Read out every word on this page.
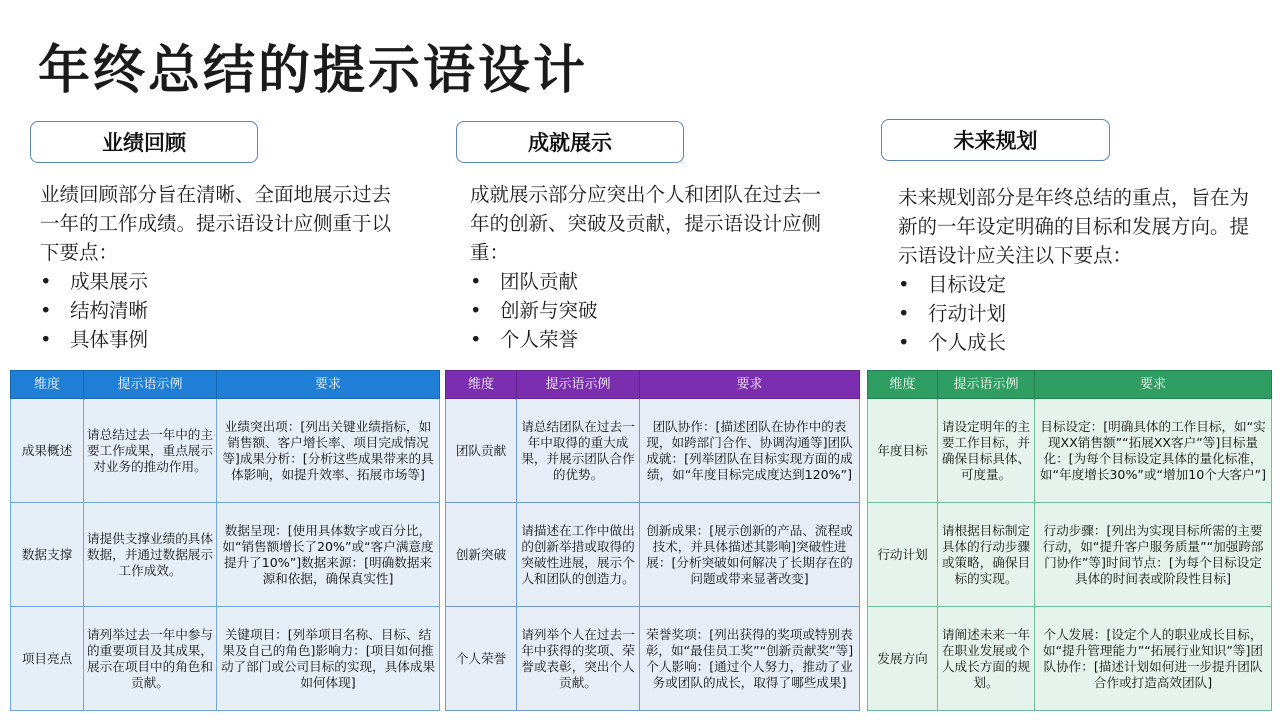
年终总结的提示语设计
业绩回顾

业绩回顾部分旨在清晰、全面地展示过去一年的工作成绩。提示语设计应侧重于以下要点：

• 成果展示
• 结构清晰
• 具体事例
维度	提示语示例	要求
成果概述	请总结过去一年中的主要工作成果，重点展示对业务的推动作用。	业绩突出项：[列出关键业绩指标，如销售额、客户增长率、项目完成情况等]成果分析：[分析这些成果带来的具体影响，如提升效率、拓展市场等]
数据支撑	请提供支撑业绩的具体数据，并通过数据展示工作成效。	数据呈现：[使用具体数字或百分比，如“销售额增长了20%”或“客户满意度提升了10%”]数据来源：[明确数据来源和依据，确保真实性]
项目亮点	请列举过去一年中参与的重要项目及其成果，展示在项目中的角色和贡献。	关键项目：[列举项目名称、目标、结果及自己的角色]影响力：[项目如何推动了部门或公司目标的实现，具体成果如何体现]
成就展示

成就展示部分应突出个人和团队在过去一年的创新、突破及贡献，提示语设计应侧重：

• 团队贡献
• 创新与突破
• 个人荣誉
维度	提示语示例	要求
团队贡献	请总结团队在过去一年中取得的重大成果，并展示团队合作的优势。	团队协作：[描述团队在协作中的表现，如跨部门合作、协调沟通等]团队成就：[列举团队在目标实现方面的成绩，如“年度目标完成度达到120%”]
创新突破	请描述在工作中做出的创新举措或取得的突破性进展，展示个人和团队的创造力。	创新成果：[展示创新的产品、流程或技术，并具体描述其影响]突破性进展：[分析突破如何解决了长期存在的问题或带来显著改变]
个人荣誉	请列举个人在过去一年中获得的奖项、荣誉或表彰，突出个人贡献。	荣誉奖项：[列出获得的奖项或特别表彰，如“最佳员工奖”“创新贡献奖”等]个人影响：[通过个人努力，推动了业务或团队的成长，取得了哪些成果]
未来规划

未来规划部分是年终总结的重点，旨在为新的一年设定明确的目标和发展方向。提示语设计应关注以下要点：

• 目标设定
• 行动计划
• 个人成长
维度	提示语示例	要求
年度目标	请设定明年的主要工作目标，并确保目标具体、可度量。	目标设定：[明确具体的工作目标，如“实现XX销售额”“拓展XX客户”等]目标量化：[为每个目标设定具体的量化标准，如“年度增长30%”或“增加10个大客户”]
行动计划	请根据目标制定具体的行动步骤或策略，确保目标的实现。	行动步骤：[列出为实现目标所需的主要行动，如“提升客户服务质量”“加强跨部门协作”等]时间节点：[为每个目标设定具体的时间表或阶段性目标]
发展方向	请阐述未来一年在职业发展或个人成长方面的规划。	个人发展：[设定个人的职业成长目标，如“提升管理能力”“拓展行业知识”等]团队协作：[描述计划如何进一步提升团队合作或打造高效团队]
